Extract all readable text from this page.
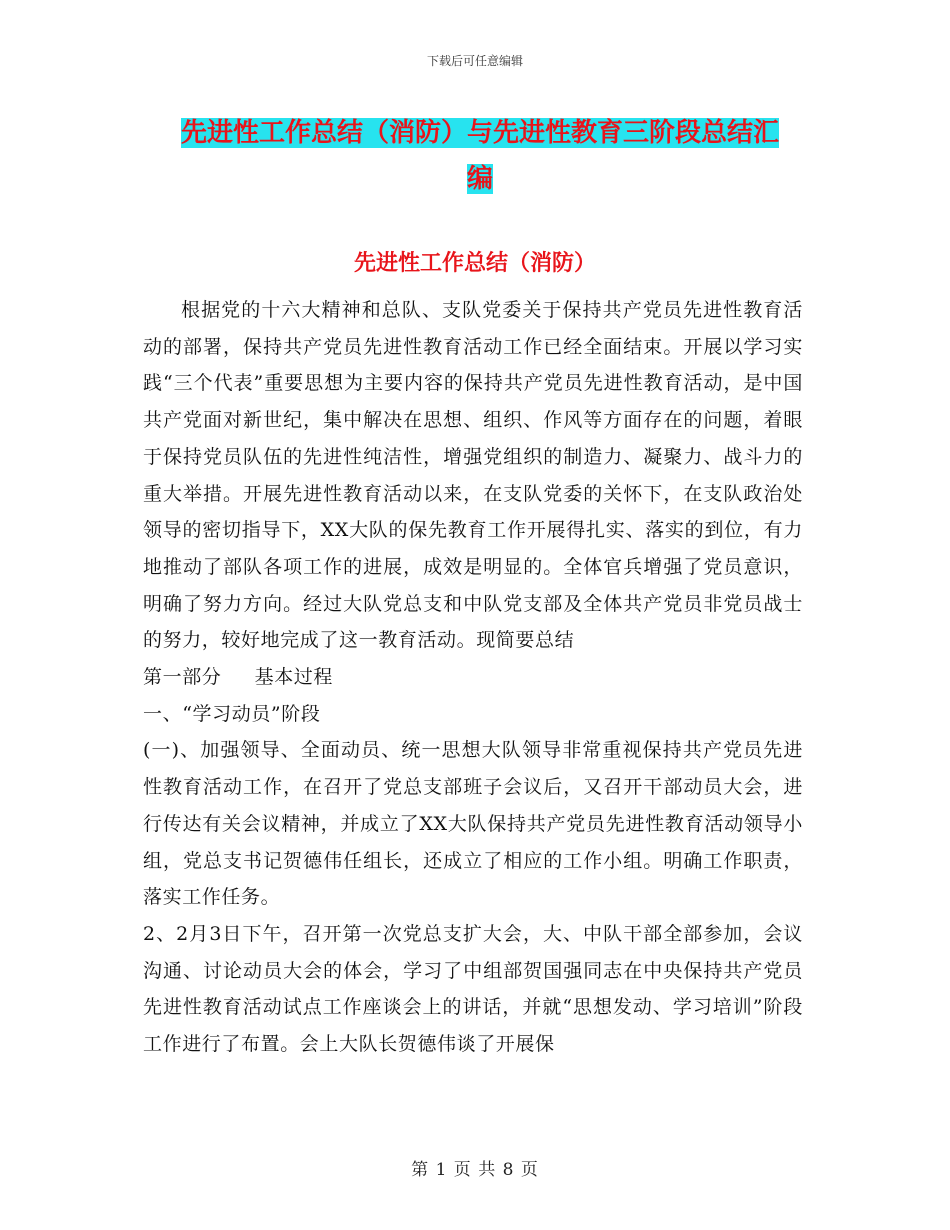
下载后可任意编辑
先进性工作总结（消防）与先进性教育三阶段总结汇
编
先进性工作总结（消防）

根据党的十六大精神和总队、支队党委关于保持共产党员先进性教育活动的部署，保持共产党员先进性教育活动工作已经全面结束。开展以学习实践“三个代表”重要思想为主要内容的保持共产党员先进性教育活动，是中国共产党面对新世纪，集中解决在思想、组织、作风等方面存在的问题，着眼于保持党员队伍的先进性纯洁性，增强党组织的制造力、凝聚力、战斗力的重大举措。开展先进性教育活动以来，在支队党委的关怀下，在支队政治处领导的密切指导下，XX大队的保先教育工作开展得扎实、落实的到位，有力地推动了部队各项工作的进展，成效是明显的。全体官兵增强了党员意识，明确了努力方向。经过大队党总支和中队党支部及全体共产党员非党员战士的努力，较好地完成了这一教育活动。现简要总结

第一部分     基本过程

一、“学习动员”阶段

(一)、加强领导、全面动员、统一思想大队领导非常重视保持共产党员先进性教育活动工作，在召开了党总支部班子会议后，又召开干部动员大会，进行传达有关会议精神，并成立了XX大队保持共产党员先进性教育活动领导小组，党总支书记贺德伟任组长，还成立了相应的工作小组。明确工作职责，落实工作任务。

2、2月3日下午，召开第一次党总支扩大会，大、中队干部全部参加，会议沟通、讨论动员大会的体会，学习了中组部贺国强同志在中央保持共产党员先进性教育活动试点工作座谈会上的讲话，并就“思想发动、学习培训”阶段工作进行了布置。会上大队长贺德伟谈了开展保

第 1 页 共 8 页
